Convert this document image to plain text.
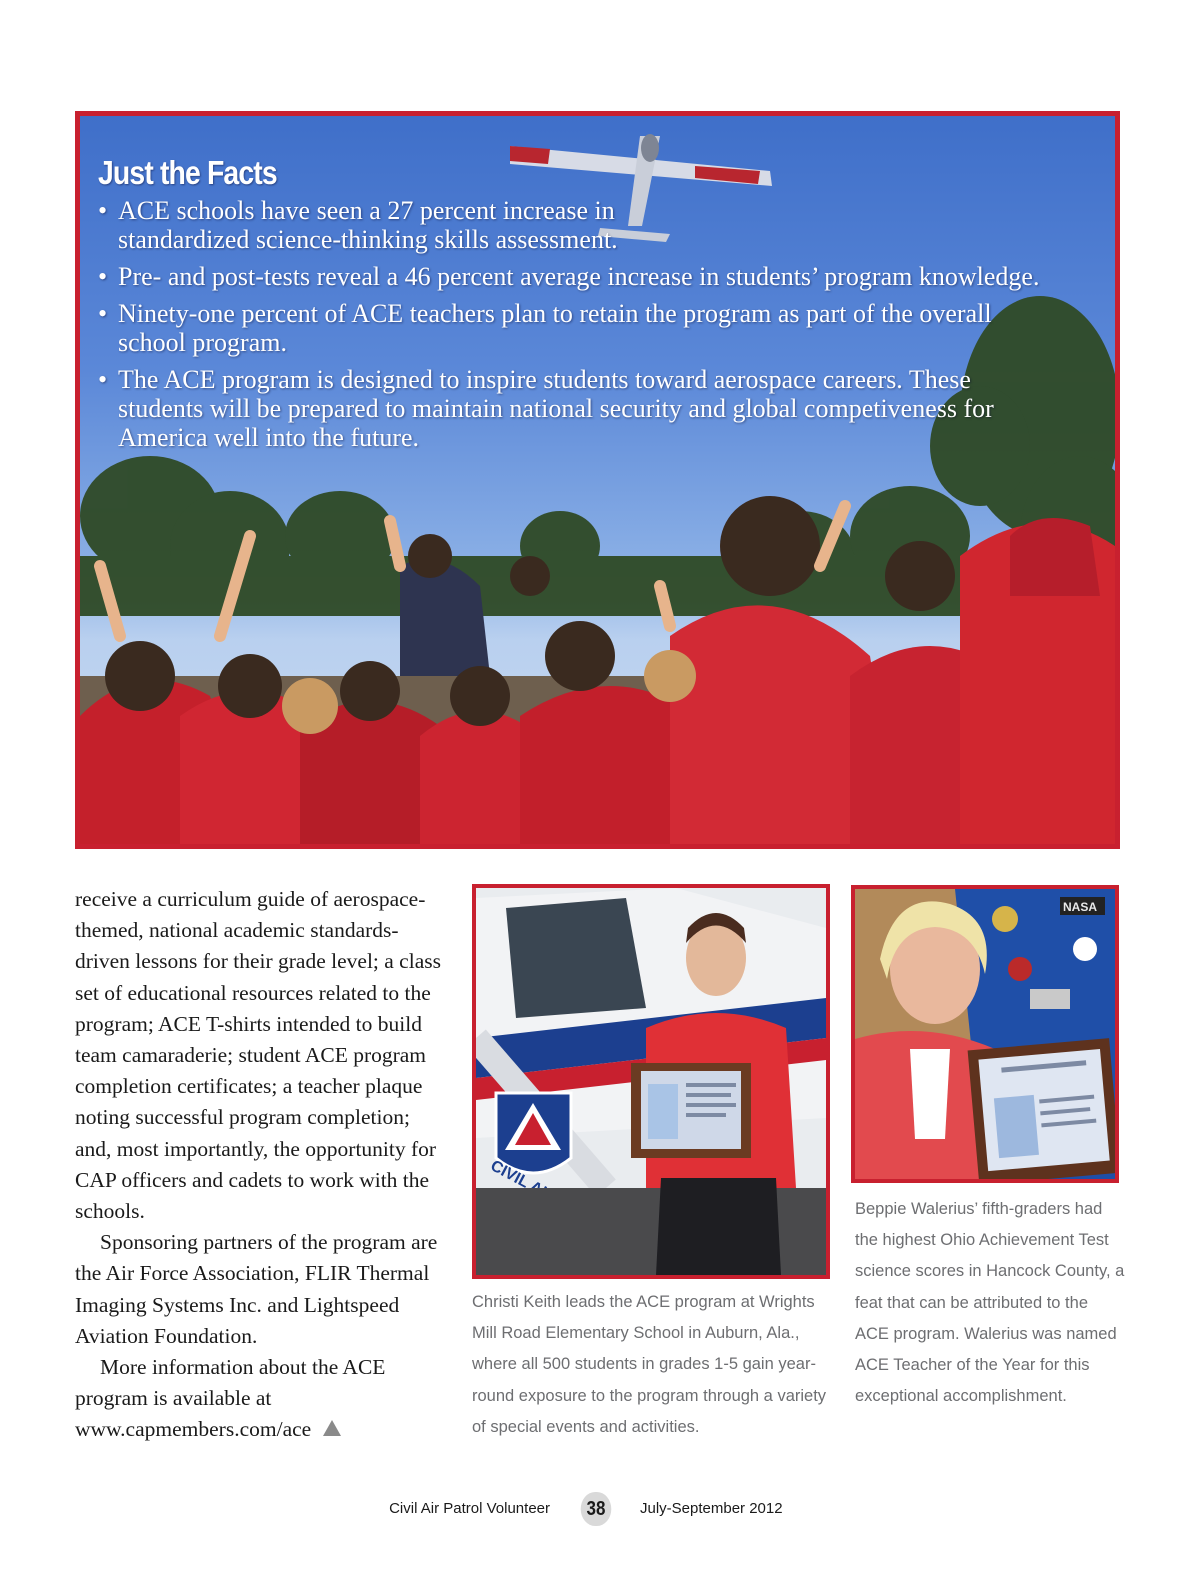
Just the Facts
• ACE schools have seen a 27 percent increase in standardized science-thinking skills assessment.
• Pre- and post-tests reveal a 46 percent average increase in students’ program knowledge.
• Ninety-one percent of ACE teachers plan to retain the program as part of the overall school program.
• The ACE program is designed to inspire students toward aerospace careers. These students will be prepared to maintain national security and global competiveness for America well into the future.

receive a curriculum guide of aerospace-themed, national academic standards-driven lessons for their grade level; a class set of educational resources related to the program; ACE T-shirts intended to build team camaraderie; student ACE program completion certificates; a teacher plaque noting successful program completion; and, most importantly, the opportunity for CAP officers and cadets to work with the schools.

Sponsoring partners of the program are the Air Force Association, FLIR Thermal Imaging Systems Inc. and Lightspeed Aviation Foundation.

More information about the ACE program is available at www.capmembers.com/ace

Christi Keith leads the ACE program at Wrights Mill Road Elementary School in Auburn, Ala., where all 500 students in grades 1-5 gain year-round exposure to the program through a variety of special events and activities.
NASA
Beppie Walerius’ fifth-graders had the highest Ohio Achievement Test science scores in Hancock County, a feat that can be attributed to the ACE program. Walerius was named ACE Teacher of the Year for this exceptional accomplishment.
Civil Air Patrol Volunteer 38	July-September 2012
